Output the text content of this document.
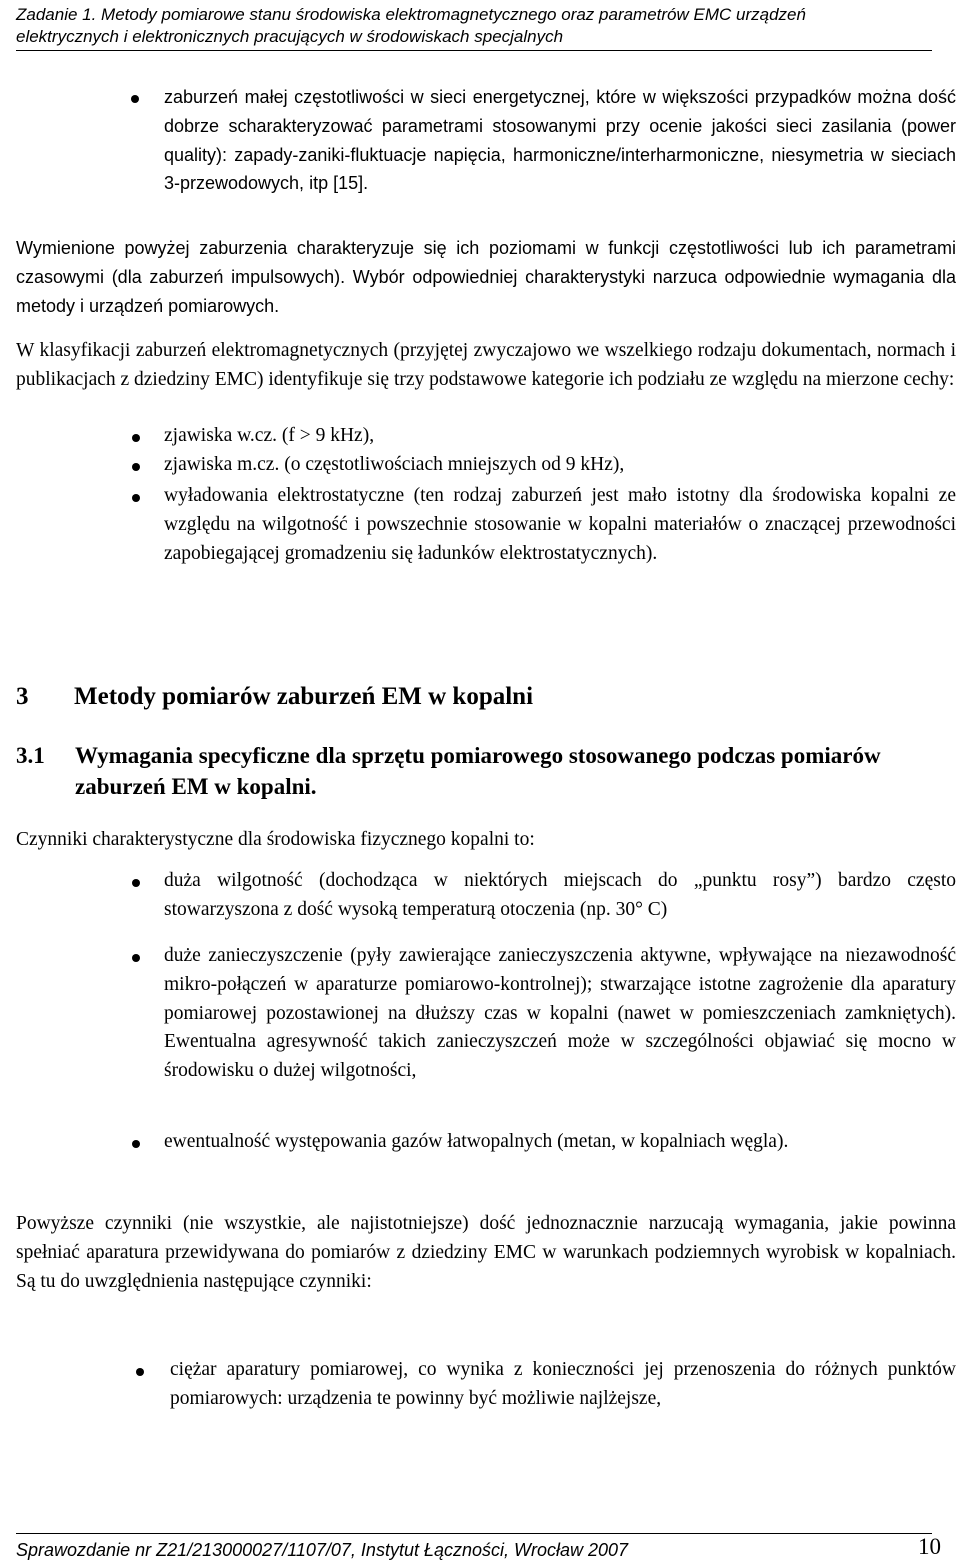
Zadanie 1. Metody pomiarowe stanu środowiska elektromagnetycznego oraz parametrów EMC urządzeń
elektrycznych i elektronicznych pracujących w środowiskach specjalnych
zaburzeń małej częstotliwości w sieci energetycznej, które w większości przypadków można dość dobrze scharakteryzować parametrami stosowanymi przy ocenie jakości sieci zasilania (power quality): zapady-zaniki-fluktuacje napięcia, harmoniczne/interharmoniczne, niesymetria w sieciach 3-przewodowych, itp [15].
Wymienione powyżej zaburzenia charakteryzuje się ich poziomami w funkcji częstotliwości lub ich parametrami czasowymi (dla zaburzeń impulsowych). Wybór odpowiedniej charakterystyki narzuca odpowiednie wymagania dla metody i urządzeń pomiarowych.
W klasyfikacji zaburzeń elektromagnetycznych (przyjętej zwyczajowo we wszelkiego rodzaju dokumentach, normach i publikacjach z dziedziny EMC) identyfikuje się trzy podstawowe kategorie ich podziału ze względu na mierzone cechy:
zjawiska w.cz. (f > 9 kHz),
zjawiska m.cz. (o częstotliwościach mniejszych od 9 kHz),
wyładowania elektrostatyczne (ten rodzaj zaburzeń jest mało istotny dla środowiska kopalni ze względu na wilgotność i powszechnie stosowanie w kopalni materiałów o znaczącej przewodności zapobiegającej gromadzeniu się ładunków elektrostatycznych).
3 Metody pomiarów zaburzeń EM w kopalni
3.1	Wymagania specyficzne dla sprzętu pomiarowego stosowanego podczas pomiarów zaburzeń EM w kopalni.
Czynniki charakterystyczne dla środowiska fizycznego kopalni to:
duża wilgotność (dochodząca w niektórych miejscach do „punktu rosy”) bardzo często stowarzyszona z dość wysoką temperaturą otoczenia (np. 30° C)
duże zanieczyszczenie (pyły zawierające zanieczyszczenia aktywne, wpływające na niezawodność mikro-połączeń w aparaturze pomiarowo-kontrolnej); stwarzające istotne zagrożenie dla aparatury pomiarowej pozostawionej na dłuższy czas w kopalni (nawet w pomieszczeniach zamkniętych). Ewentualna agresywność takich zanieczyszczeń może w szczególności objawiać się mocno w środowisku o dużej wilgotności,
ewentualność występowania gazów łatwopalnych (metan, w kopalniach węgla).
Powyższe czynniki (nie wszystkie, ale najistotniejsze) dość jednoznacznie narzucają wymagania, jakie powinna spełniać aparatura przewidywana do pomiarów z dziedziny EMC w warunkach podziemnych wyrobisk w kopalniach. Są tu do uwzględnienia następujące czynniki:
ciężar aparatury pomiarowej, co wynika z konieczności jej przenoszenia do różnych punktów pomiarowych: urządzenia te powinny być możliwie najlżejsze,
Sprawozdanie nr Z21/213000027/1107/07, Instytut Łączności, Wrocław 2007	10
